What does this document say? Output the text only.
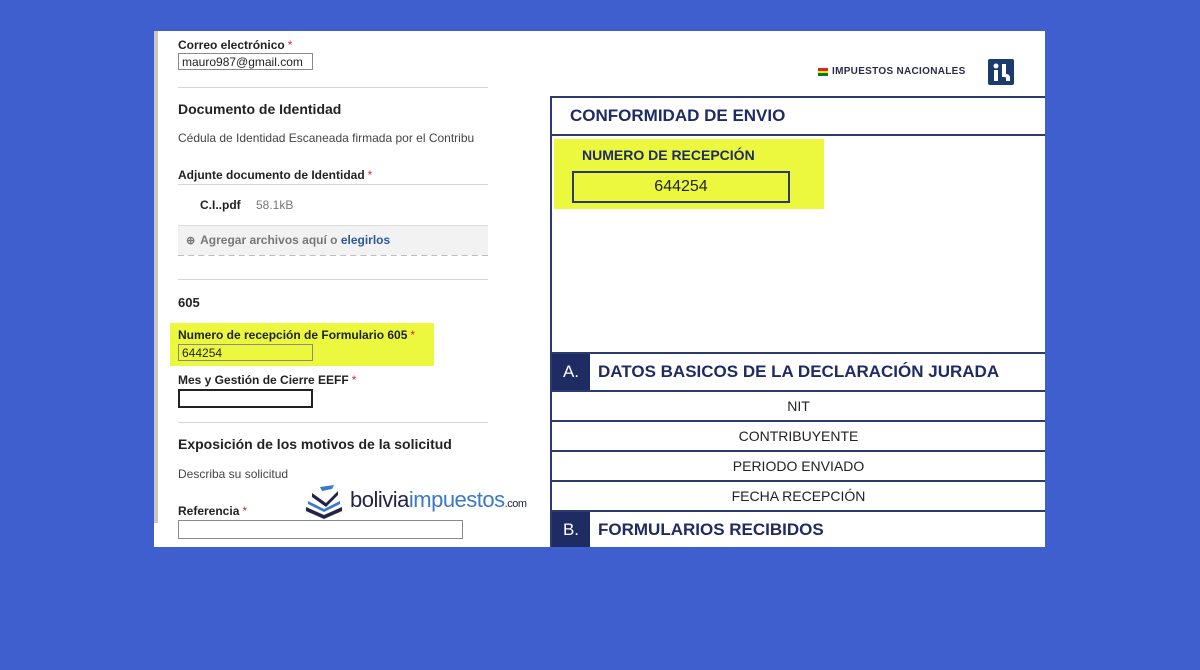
Correo electrónico *
mauro987@gmail.com
Documento de Identidad
Cédula de Identidad Escaneada firmada por el Contribu
Adjunte documento de Identidad *
C.I..pdf 58.1kB
⊕ Agregar archivos aquí o elegirlos
605
Numero de recepción de Formulario 605 *
644254
Mes y Gestión de Cierre EEFF *
Exposición de los motivos de la solicitud
Describa su solicitud
Referencia *	boliviaimpuestos.com
IMPUESTOS NACIONALES
CONFORMIDAD DE ENVIO
NUMERO DE RECEPCIÓN
644254
A.	DATOS BASICOS DE LA DECLARACIÓN JURADA
NIT
CONTRIBUYENTE
PERIODO ENVIADO
FECHA RECEPCIÓN
B.	FORMULARIOS RECIBIDOS
